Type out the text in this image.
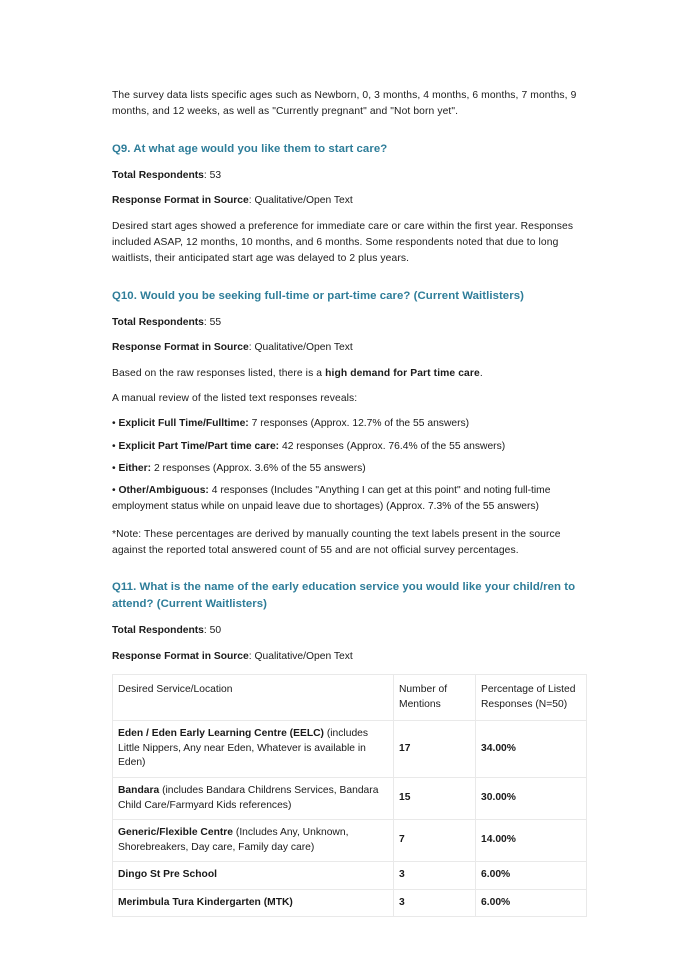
The survey data lists specific ages such as Newborn, 0, 3 months, 4 months, 6 months, 7 months, 9 months, and 12 weeks, as well as "Currently pregnant" and "Not born yet".

Q9. At what age would you like them to start care?

Total Respondents: 53

Response Format in Source: Qualitative/Open Text

Desired start ages showed a preference for immediate care or care within the first year. Responses included ASAP, 12 months, 10 months, and 6 months. Some respondents noted that due to long waitlists, their anticipated start age was delayed to 2 plus years.

Q10. Would you be seeking full-time or part-time care? (Current Waitlisters)

Total Respondents: 55

Response Format in Source: Qualitative/Open Text

Based on the raw responses listed, there is a high demand for Part time care.

A manual review of the listed text responses reveals:

• Explicit Full Time/Fulltime: 7 responses (Approx. 12.7% of the 55 answers)

• Explicit Part Time/Part time care: 42 responses (Approx. 76.4% of the 55 answers)

• Either: 2 responses (Approx. 3.6% of the 55 answers)

• Other/Ambiguous: 4 responses (Includes "Anything I can get at this point" and noting full-time employment status while on unpaid leave due to shortages) (Approx. 7.3% of the 55 answers)

*Note: These percentages are derived by manually counting the text labels present in the source against the reported total answered count of 55 and are not official survey percentages.

Q11. What is the name of the early education service you would like your child/ren to attend? (Current Waitlisters)

Total Respondents: 50

Response Format in Source: Qualitative/Open Text

Desired Service/Location	Number of Mentions	Percentage of Listed Responses (N=50)
Eden / Eden Early Learning Centre (EELC) (includes Little Nippers, Any near Eden, Whatever is available in Eden)	17	34.00%
Bandara (includes Bandara Childrens Services, Bandara Child Care/Farmyard Kids references)	15	30.00%
Generic/Flexible Centre (Includes Any, Unknown, Shorebreakers, Day care, Family day care)	7	14.00%
Dingo St Pre School	3	6.00%
Merimbula Tura Kindergarten (MTK)	3	6.00%
